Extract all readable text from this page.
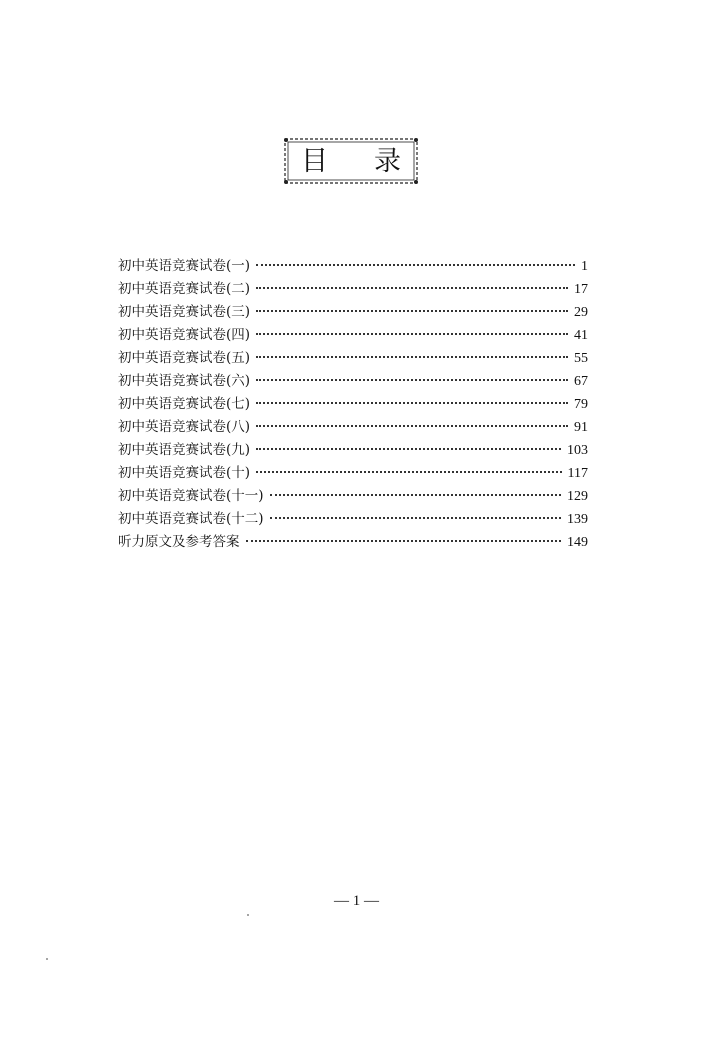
目 录
初中英语竞赛试卷(一)	1
初中英语竞赛试卷(二)	17
初中英语竞赛试卷(三)	29
初中英语竞赛试卷(四)	41
初中英语竞赛试卷(五)	55
初中英语竞赛试卷(六)	67
初中英语竞赛试卷(七)	79
初中英语竞赛试卷(八)	91
初中英语竞赛试卷(九)	103
初中英语竞赛试卷(十)	117
初中英语竞赛试卷(十一)	129
初中英语竞赛试卷(十二)	139
听力原文及参考答案	149
— 1 —
